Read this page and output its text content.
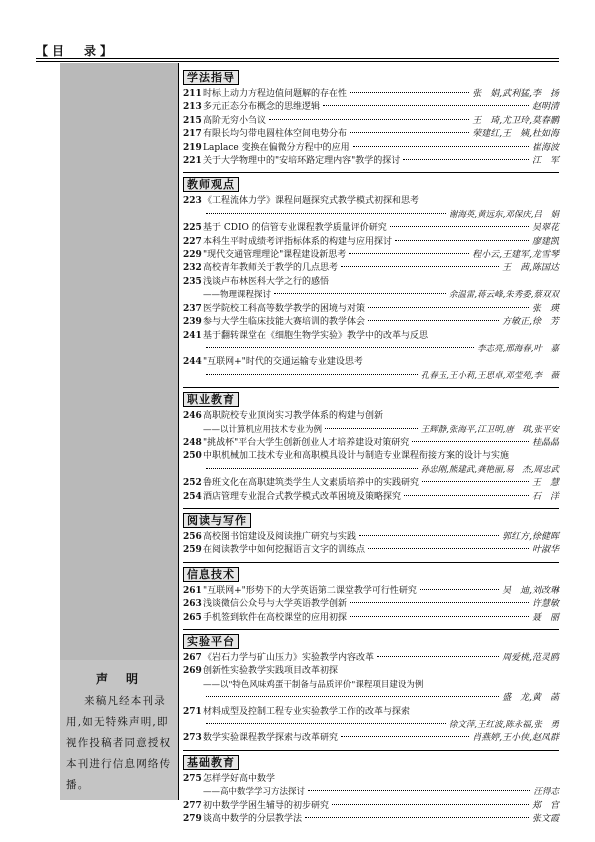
【目　录】
声明
来稿凡经本刊录用,如无特殊声明,即视作投稿者同意授权本刊进行信息网络传播。
学法指导
211 时标上动力方程边值问题解的存在性	张　娟,武利猛,李　扬
213 多元正态分布概念的思维逻辑	赵明清
215 高阶无穷小刍议	王　琦,尤卫玲,莫春鹏
217 有限长均匀带电圆柱体空间电势分布	荣建红,王　姨,杜如海
219 Laplace 变换在偏微分方程中的应用	崔海波
221 关于大学物理中的"安培环路定理内容"教学的探讨	江　军
教师观点
223 《工程流体力学》课程问题探究式教学模式初探和思考
谢海英,黄远东,邓保庆,吕　娟
225 基于 CDIO 的信管专业课程教学质量评价研究	吴翠花
227 本科生平时成绩考评指标体系的构建与应用探讨	廖建凯
229 "现代交通管理理论"课程建设新思考	程小云,王建军,龙雪琴
232 高校青年教师关于教学的几点思考	王　茜,陈国达
235 浅谈卢布林医科大学之行的感悟
——物理课程探讨	余温雷,蒋云峰,朱秀委,蔡双双
237 医学院校工科高等数学教学的困境与对策	张　瑛
239 参与大学生临床技能大赛培训的教学体会	方敏正,徐　芳
241 基于翻转课堂在《细胞生物学实验》教学中的改革与反思
李志亮,邢海春,叶　嘉
244 "互联网+"时代的交通运输专业建设思考
孔春玉,王小莉,王思卓,邓莹苑,李　薇
职业教育
246 高职院校专业顶岗实习教学体系的构建与创新
——以计算机应用技术专业为例	王辉静,张海平,江卫明,唐　琪,张平安
248 "挑战杯"平台大学生创新创业人才培养建设对策研究	桂晶晶
250 中职机械加工技术专业和高职模具设计与制造专业课程衔接方案的设计与实施
孙忠刚,熊建武,龚艳丽,易　杰,周忠武
252 鲁班文化在高职建筑类学生人文素质培养中的实践研究	王　慧
254 酒店管理专业混合式教学模式改革困境及策略探究	石　洋
阅读与写作
256 高校图书馆建设及阅读推广研究与实践	郭红方,徐健晖
259 在阅读教学中如何挖掘语言文字的训练点	叶淑华
信息技术
261 "互联网+"形势下的大学英语第二课堂教学可行性研究	吴　迪,刘改琳
263 浅谈微信公众号与大学英语教学创新	许慧敏
265 手机签到软件在高校课堂的应用初探	聂　丽
实验平台
267 《岩石力学与矿山压力》实验教学内容改革	周爱桃,范灵鸥
269 创新性实验教学实践项目改革初探
——以"特色风味鸡蛋干制备与品质评价"课程项目建设为例
盛　龙,黄　菡
271 材料成型及控制工程专业实验教学工作的改革与探索
徐文萍,王红波,陈永福,张　勇
273 数学实验课程教学探索与改革研究	肖燕婷,王小侠,赵凤群
基础教育
275 怎样学好高中数学
——高中数学学习方法探讨	汪得志
277 初中数学学困生辅导的初步研究	郑　官
279 谈高中数学的分层教学法	张文霞
